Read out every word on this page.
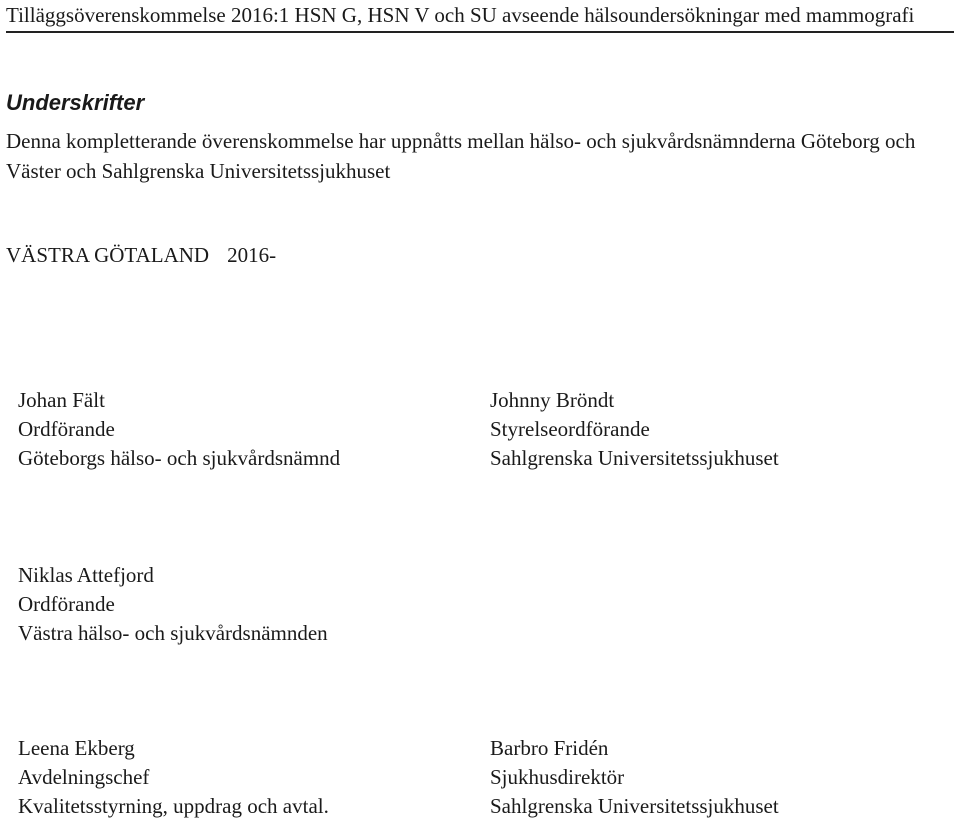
Tilläggsöverenskommelse 2016:1 HSN G, HSN V och SU avseende hälsoundersökningar med mammografi
Underskrifter
Denna kompletterande överenskommelse har uppnåtts mellan hälso- och sjukvårdsnämnderna Göteborg och Väster och Sahlgrenska Universitetssjukhuset
VÄSTRA GÖTALAND 2016-
Johan Fält
Ordförande
Göteborgs hälso- och sjukvårdsnämnd
Johnny Bröndt
Styrelseordförande
Sahlgrenska Universitetssjukhuset
Niklas Attefjord
Ordförande
Västra hälso- och sjukvårdsnämnden
Leena Ekberg
Avdelningschef
Kvalitetsstyrning, uppdrag och avtal.
Barbro Fridén
Sjukhusdirektör
Sahlgrenska Universitetssjukhuset
